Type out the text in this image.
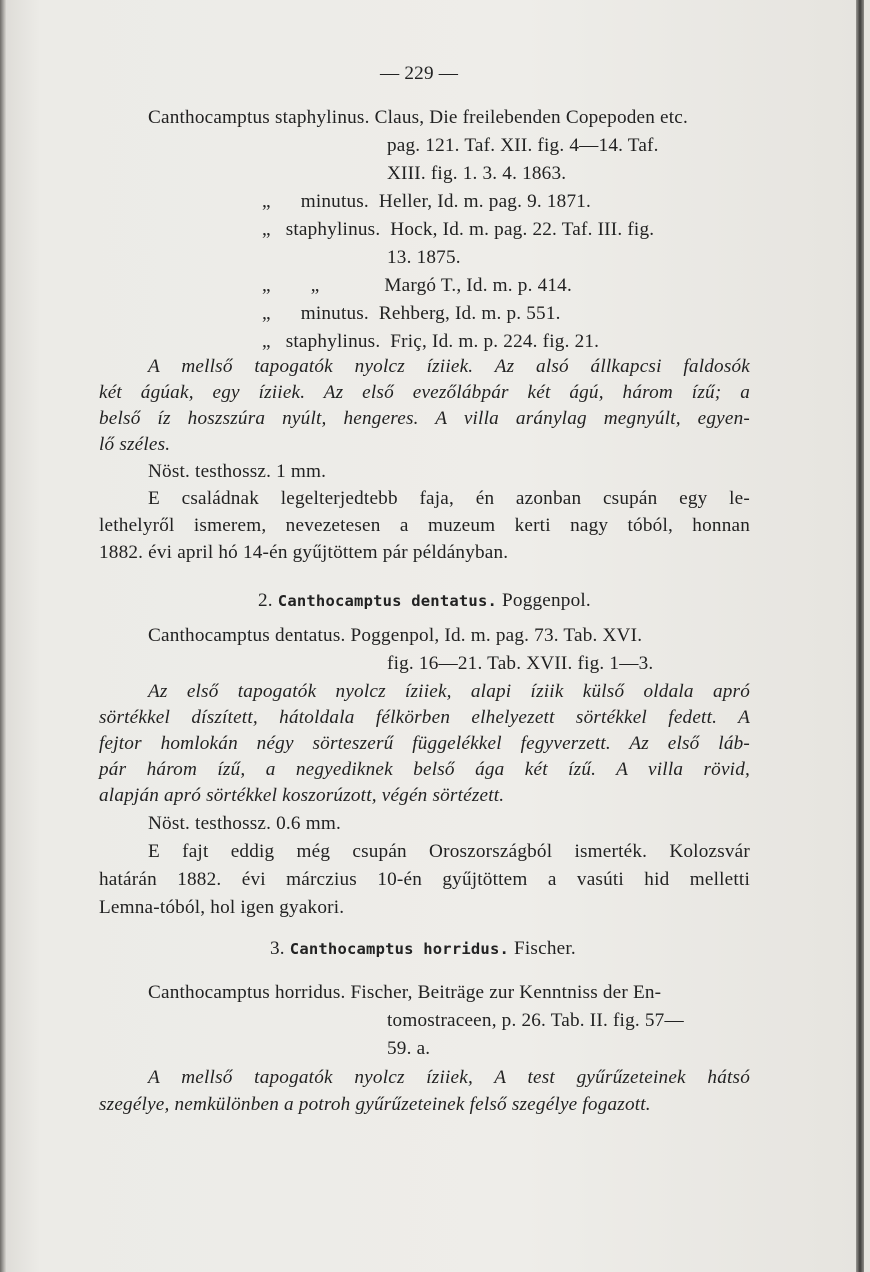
— 229 —
Canthocamptus staphylinus. Claus, Die freilebenden Copepoden etc.
pag. 121. Taf. XII. fig. 4—14. Taf.
XIII. fig. 1. 3. 4. 1863.
„      minutus.  Heller, Id. m. pag. 9. 1871.
„   staphylinus.  Hock, Id. m. pag. 22. Taf. III. fig.
13. 1875.
„        „             Margó T., Id. m. p. 414.
„      minutus.  Rehberg, Id. m. p. 551.
„   staphylinus.  Friç, Id. m. p. 224. fig. 21.
A mellső tapogatók nyolcz íziiek. Az alsó állkapcsi faldosók
két ágúak, egy íziiek. Az első evezőlábpár két ágú, három ízű; a
belső íz hoszszúra nyúlt, hengeres. A villa aránylag megnyúlt, egyen-
lő széles.
Nöst. testhossz. 1 mm.
E családnak legelterjedtebb faja, én azonban csupán egy le-
lethelyről ismerem, nevezetesen a muzeum kerti nagy tóból, honnan
1882. évi april hó 14-én gyűjtöttem pár példányban.
2. Canthocamptus dentatus. Poggenpol.
Canthocamptus dentatus. Poggenpol, Id. m. pag. 73. Tab. XVI.
fig. 16—21. Tab. XVII. fig. 1—3.
Az első tapogatók nyolcz íziiek, alapi íziik külső oldala apró
sörtékkel díszített, hátoldala félkörben elhelyezett sörtékkel fedett. A
fejtor homlokán négy sörteszerű függelékkel fegyverzett. Az első láb-
pár három ízű, a negyediknek belső ága két ízű. A villa rövid,
alapján apró sörtékkel koszorúzott, végén sörtézett.
Nöst. testhossz. 0.6 mm.
E fajt eddig még csupán Oroszországból ismerték. Kolozsvár
határán 1882. évi márczius 10-én gyűjtöttem a vasúti hid melletti
Lemna-tóból, hol igen gyakori.
3. Canthocamptus horridus. Fischer.
Canthocamptus horridus. Fischer, Beiträge zur Kenntniss der En-
tomostraceen, p. 26. Tab. II. fig. 57—
59. a.
A mellső tapogatók nyolcz íziiek, A test gyűrűzeteinek hátsó
szegélye, nemkülönben a potroh gyűrűzeteinek felső szegélye fogazott.
